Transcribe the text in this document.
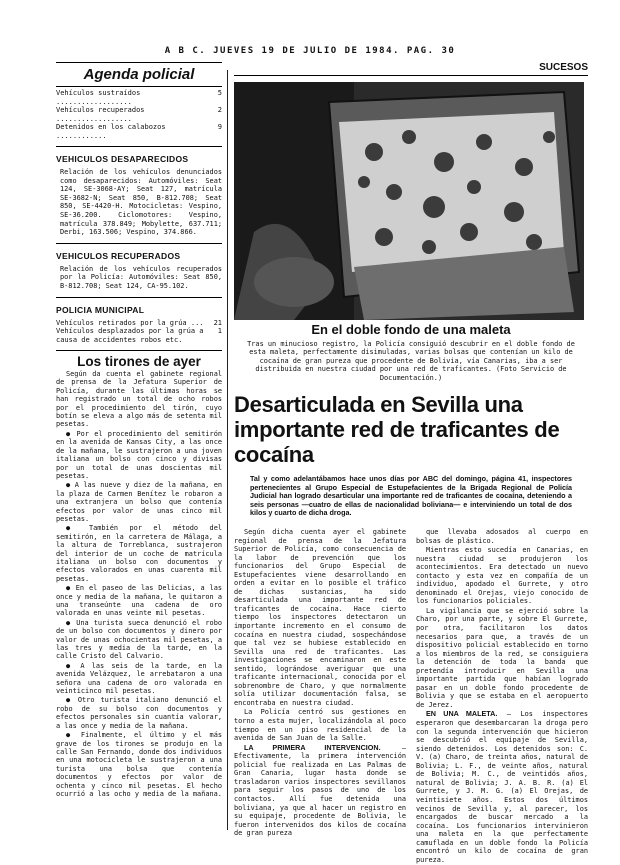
A B C. JUEVES 19 DE JULIO DE 1984. PAG. 30
Agenda policial
Vehículos sustraídos ..................
5
Vehículos recuperados ..................
2
Detenidos en los calabozos ............
9
VEHICULOS DESAPARECIDOS
Relación de los vehículos denunciados como desaparecidos: Automóviles: Seat 124, SE-3068-AY; Seat 127, matrícula SE-3682-N; Seat 850, B-812.708; Seat 850, SE-4420-H. Motocicletas: Vespino, SE-36.200. Ciclomotores: Vespino, matrícula 378.849; Mobylette, 637.711; Derbi, 163.506; Vespino, 374.866.
VEHICULOS RECUPERADOS
Relación de los vehículos recuperados por la Policía: Automóviles: Seat 850, B-812.708; Seat 124, CA-95.102.
POLICIA MUNICIPAL
Vehículos retirados por la grúa ... 21
Vehículos desplazados por la grúa a causa de accidentes robos etc.
1
Los tirones de ayer

Según da cuenta el gabinete regional de prensa de la Jefatura Superior de Policía, durante las últimas horas se han registrado un total de ocho robos por el procedimiento del tirón, cuyo botín se eleva a algo más de setenta mil pesetas.

● Por el procedimiento del semitirón en la avenida de Kansas City, a las once de la mañana, le sustrajeron a una joven italiana un bolso con cinco y divisas por un total de unas doscientas mil pesetas.

● A las nueve y diez de la mañana, en la plaza de Carmen Benítez le robaron a una extranjera un bolso que contenía efectos por valor de unas cinco mil pesetas.

● También por el método del semitirón, en la carretera de Málaga, a la altura de Torreblanca, sustrajeron del interior de un coche de matrícula italiana un bolso con documentos y efectos valorados en unas cuarenta mil pesetas.

● En el paseo de las Delicias, a las once y media de la mañana, le quitaron a una transeúnte una cadena de oro valorada en unas veinte mil pesetas.

● Una turista sueca denunció el robo de un bolso con documentos y dinero por valor de unas ochocientas mil pesetas, a las tres y media de la tarde, en la calle Cristo del Calvario.

● A las seis de la tarde, en la avenida Velázquez, le arrebataron a una señora una cadena de oro valorada en veinticinco mil pesetas.

● Otro turista italiano denunció el robo de su bolso con documentos y efectos personales sin cuantía valorar, a las once y media de la mañana.

● Finalmente, el último y el más grave de los tirones se produjo en la calle San Fernando, donde dos individuos en una motocicleta le sustrajeron a una turista una bolsa que contenía documentos y efectos por valor de ochenta y cinco mil pesetas. El hecho ocurrió a las ocho y media de la mañana.

SUCESOS
En el doble fondo de una maleta
Tras un minucioso registro, la Policía consiguió descubrir en el doble fondo de esta maleta, perfectamente disimuladas, varias bolsas que contenían un kilo de cocaína de gran pureza que procedente de Bolivia, vía Canarias, iba a ser distribuida en nuestra ciudad por una red de traficantes. (Foto Servicio de Documentación.)
Desarticulada en Sevilla una importante red de traficantes de cocaína
Tal y como adelantábamos hace unos días por ABC del domingo, página 41, inspectores pertenecientes al Grupo Especial de Estupefacientes de la Brigada Regional de Policía Judicial han logrado desarticular una importante red de traficantes de cocaína, deteniendo a seis personas —cuatro de ellas de nacionalidad boliviana— e interviniendo un total de dos kilos y cuarto de dicha droga.

Según dicha cuenta ayer el gabinete regional de prensa de la Jefatura Superior de Policía, como consecuencia de la labor de prevención que los funcionarios del Grupo Especial de Estupefacientes viene desarrollando en orden a evitar en lo posible el tráfico de dichas sustancias, ha sido desarticulada una importante red de traficantes de cocaína. Hace cierto tiempo los inspectores detectaron un importante incremento en el consumo de cocaína en nuestra ciudad, sospechándose que tal vez se hubiese establecido en Sevilla una red de traficantes. Las investigaciones se encaminaron en este sentido, lográndose averiguar que una traficante internacional, conocida por el sobrenombre de Charo, y que normalmente solía utilizar documentación falsa, se encontraba en nuestra ciudad.

La Policía centró sus gestiones en torno a esta mujer, localizándola al poco tiempo en un piso residencial de la avenida de San Juan de la Salle.

LA PRIMERA INTERVENCION.	— Efectivamente, la primera intervención policial fue realizada en Las Palmas de Gran Canaria, lugar hasta donde se trasladaron varios inspectores sevillanos para seguir los pasos de uno de los contactos. Allí fue detenida una boliviana, ya que al hacer un registro en su equipaje, procedente de Bolivia, le fueron intervenidos dos kilos de cocaína de gran pureza

que llevaba adosados al cuerpo en bolsas de plástico.

Mientras esto sucedía en Canarias, en nuestra ciudad se produjeron los acontecimientos. Era detectado un nuevo contacto y esta vez en compañía de un individuo, apodado el Gurrete, y otro denominado el Orejas, viejo conocido de los funcionarios policiales.

La vigilancia que se ejerció sobre la Charo, por una parte, y sobre El Gurrete, por otra, facilitaron los datos necesarios para que, a través de un dispositivo policial establecido en torno a los miembros de la red, se consiguiera la detención de toda la banda que pretendía introducir en Sevilla una importante partida que habían logrado pasar en un doble fondo procedente de Bolivia y que se estaba en el aeropuerto de Jerez.

EN UNA MALETA. — Los inspectores esperaron que desembarcaran la droga pero con la segunda intervención que hicieron se descubrió el equipaje de Sevilla, siendo detenidos. Los detenidos son: C. V. (a) Charo, de treinta años, natural de Bolivia; L. F., de veinte años, natural de Bolivia; M. C., de veintidós años, natural de Bolivia; J. A. B. R. (a) El Gurrete, y J. M. G. (a) El Orejas, de veintisiete años. Estos dos últimos vecinos de Sevilla y, al parecer, los encargados de buscar mercado a la cocaína. Los funcionarios intervinieron una maleta en la que perfectamente camuflada en un doble fondo la Policía encontró un kilo de cocaína de gran pureza.
